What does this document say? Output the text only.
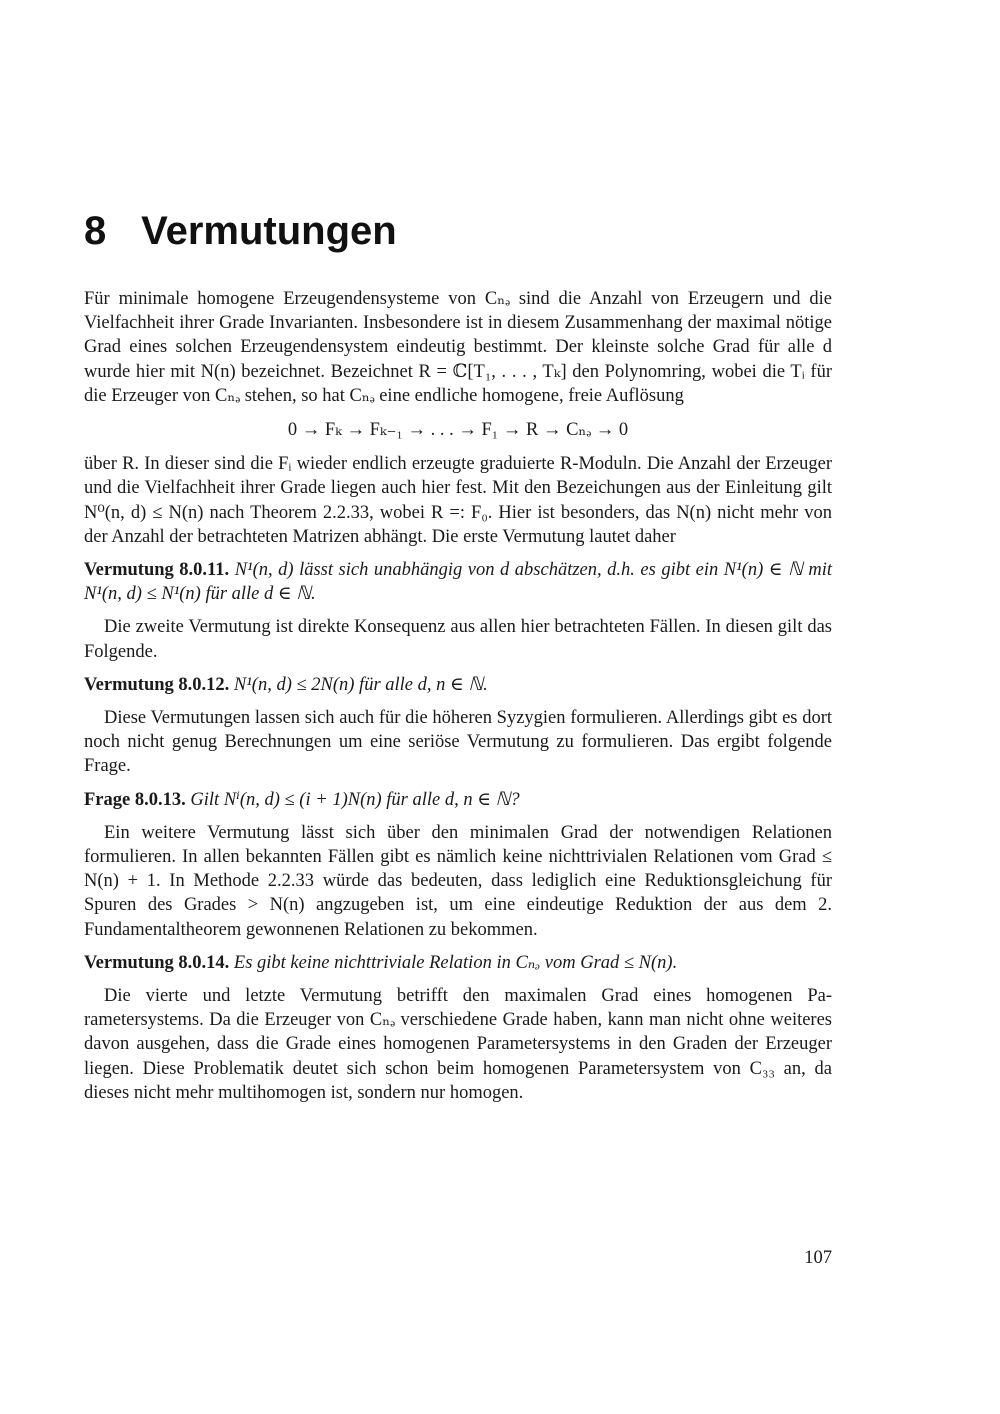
8 Vermutungen

Für minimale homogene Erzeugendensysteme von Cₙₔ sind die Anzahl von Erzeugern und die Vielfachheit ihrer Grade Invarianten. Insbesondere ist in diesem Zusammenhang der maximal nötige Grad eines solchen Erzeugendensystem eindeutig bestimmt. Der kleinste solche Grad für alle d wurde hier mit N(n) bezeichnet. Bezeichnet R = ℂ[T₁, . . . , Tₖ] den Polynomring, wobei die Tᵢ für die Erzeuger von Cₙₔ stehen, so hat Cₙₔ eine endliche homogene, freie Auflösung

0 → Fₖ → Fₖ₋₁ → . . . → F₁ → R → Cₙₔ → 0

über R. In dieser sind die Fᵢ wieder endlich erzeugte graduierte R-Moduln. Die Anzahl der Erzeuger und die Vielfachheit ihrer Grade liegen auch hier fest. Mit den Bezeichungen aus der Einleitung gilt N⁰(n, d) ≤ N(n) nach Theorem 2.2.33, wobei R =: F₀. Hier ist besonders, das N(n) nicht mehr von der Anzahl der betrachteten Matrizen abhängt. Die erste Vermutung lautet daher

Vermutung 8.0.11. N¹(n, d) lässt sich unabhängig von d abschätzen, d.h. es gibt ein N¹(n) ∈ ℕ mit N¹(n, d) ≤ N¹(n) für alle d ∈ ℕ.

Die zweite Vermutung ist direkte Konsequenz aus allen hier betrachteten Fällen. In diesen gilt das Folgende.

Vermutung 8.0.12. N¹(n, d) ≤ 2N(n) für alle d, n ∈ ℕ.

Diese Vermutungen lassen sich auch für die höheren Syzygien formulieren. Allerdings gibt es dort noch nicht genug Berechnungen um eine seriöse Vermutung zu formulieren. Das ergibt folgende Frage.

Frage 8.0.13. Gilt Nⁱ(n, d) ≤ (i + 1)N(n) für alle d, n ∈ ℕ?

Ein weitere Vermutung lässt sich über den minimalen Grad der notwendigen Relationen formulieren. In allen bekannten Fällen gibt es nämlich keine nichttrivialen Relationen vom Grad ≤ N(n) + 1. In Methode 2.2.33 würde das bedeuten, dass lediglich eine Reduktionsgleichung für Spuren des Grades > N(n) angzugeben ist, um eine eindeutige Reduktion der aus dem 2. Fundamentaltheorem gewonnenen Relationen zu bekommen.

Vermutung 8.0.14. Es gibt keine nichttriviale Relation in Cₙₔ vom Grad ≤ N(n).

Die vierte und letzte Vermutung betrifft den maximalen Grad eines homogenen Parametersystems. Da die Erzeuger von Cₙₔ verschiedene Grade haben, kann man nicht ohne weiteres davon ausgehen, dass die Grade eines homogenen Parametersystems in den Graden der Erzeuger liegen. Diese Problematik deutet sich schon beim homogenen Parametersystem von C₃₃ an, da dieses nicht mehr multihomogen ist, sondern nur homogen.

107
